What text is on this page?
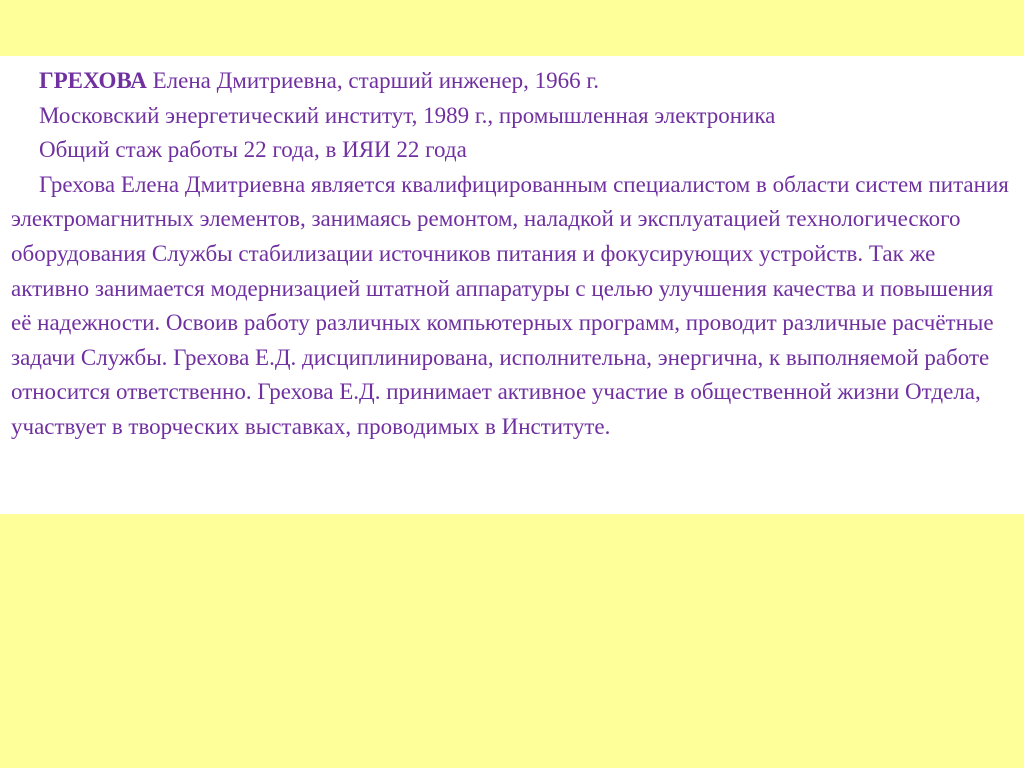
ГРЕХОВА Елена Дмитриевна, старший инженер, 1966 г.

Московский энергетический институт, 1989 г., промышленная электроника

Общий стаж работы 22 года, в ИЯИ 22 года

Грехова Елена Дмитриевна является квалифицированным специалистом в области систем питания электромагнитных элементов, занимаясь ремонтом, наладкой и эксплуатацией технологического оборудования Службы стабилизации источников питания и фокусирующих устройств. Так же активно занимается модернизацией штатной аппаратуры с целью улучшения качества и повышения её надежности. Освоив работу различных компьютерных программ, проводит различные расчётные задачи Службы. Грехова Е.Д. дисциплинирована, исполнительна, энергична, к выполняемой работе относится ответственно. Грехова Е.Д. принимает активное участие в общественной жизни Отдела, участвует в творческих выставках, проводимых в Институте.
